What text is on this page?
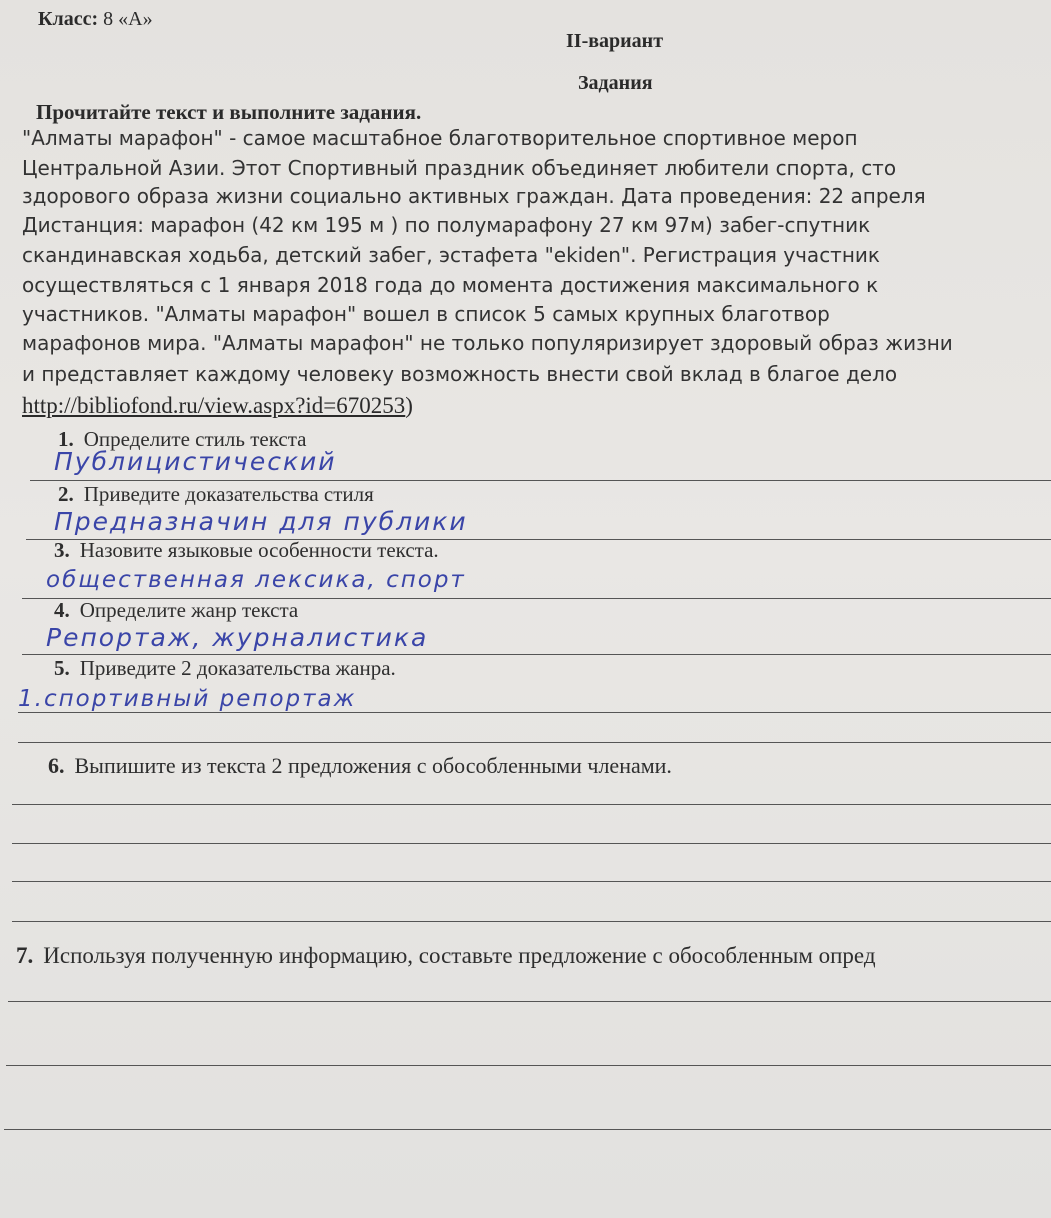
Класс: 8 «А»
II-вариант
Задания
Прочитайте текст и выполните задания.
"Алматы марафон" - самое масштабное благотворительное спортивное мероп
Центральной Азии. Этот Спортивный праздник объединяет любители спорта, сто
здорового образа жизни социально активных граждан. Дата проведения: 22 апреля
Дистанция: марафон (42 км 195 м ) по полумарафону 27 км 97м) забег-спутник
скандинавская ходьба, детский забег, эстафета "ekiden". Регистрация участник
осуществляться с 1 января 2018 года до момента достижения максимального к
участников. "Алматы марафон" вошел в список 5 самых крупных благотвор
марафонов мира. "Алматы марафон" не только популяризирует здоровый образ жизни
и представляет каждому человеку возможность внести свой вклад в благое дело
http://bibliofond.ru/view.aspx?id=670253)
1. Определите стиль текста
Публицистический
2. Приведите доказательства стиля
Предназначин для публики
3. Назовите языковые особенности текста.
общественная лексика, спорт
4. Определите жанр текста
Репортаж, журналистика
5. Приведите 2 доказательства жанра.
1.спортивный репортаж
6. Выпишите из текста 2 предложения с обособленными членами.
7. Используя полученную информацию, составьте предложение с обособленным опред
